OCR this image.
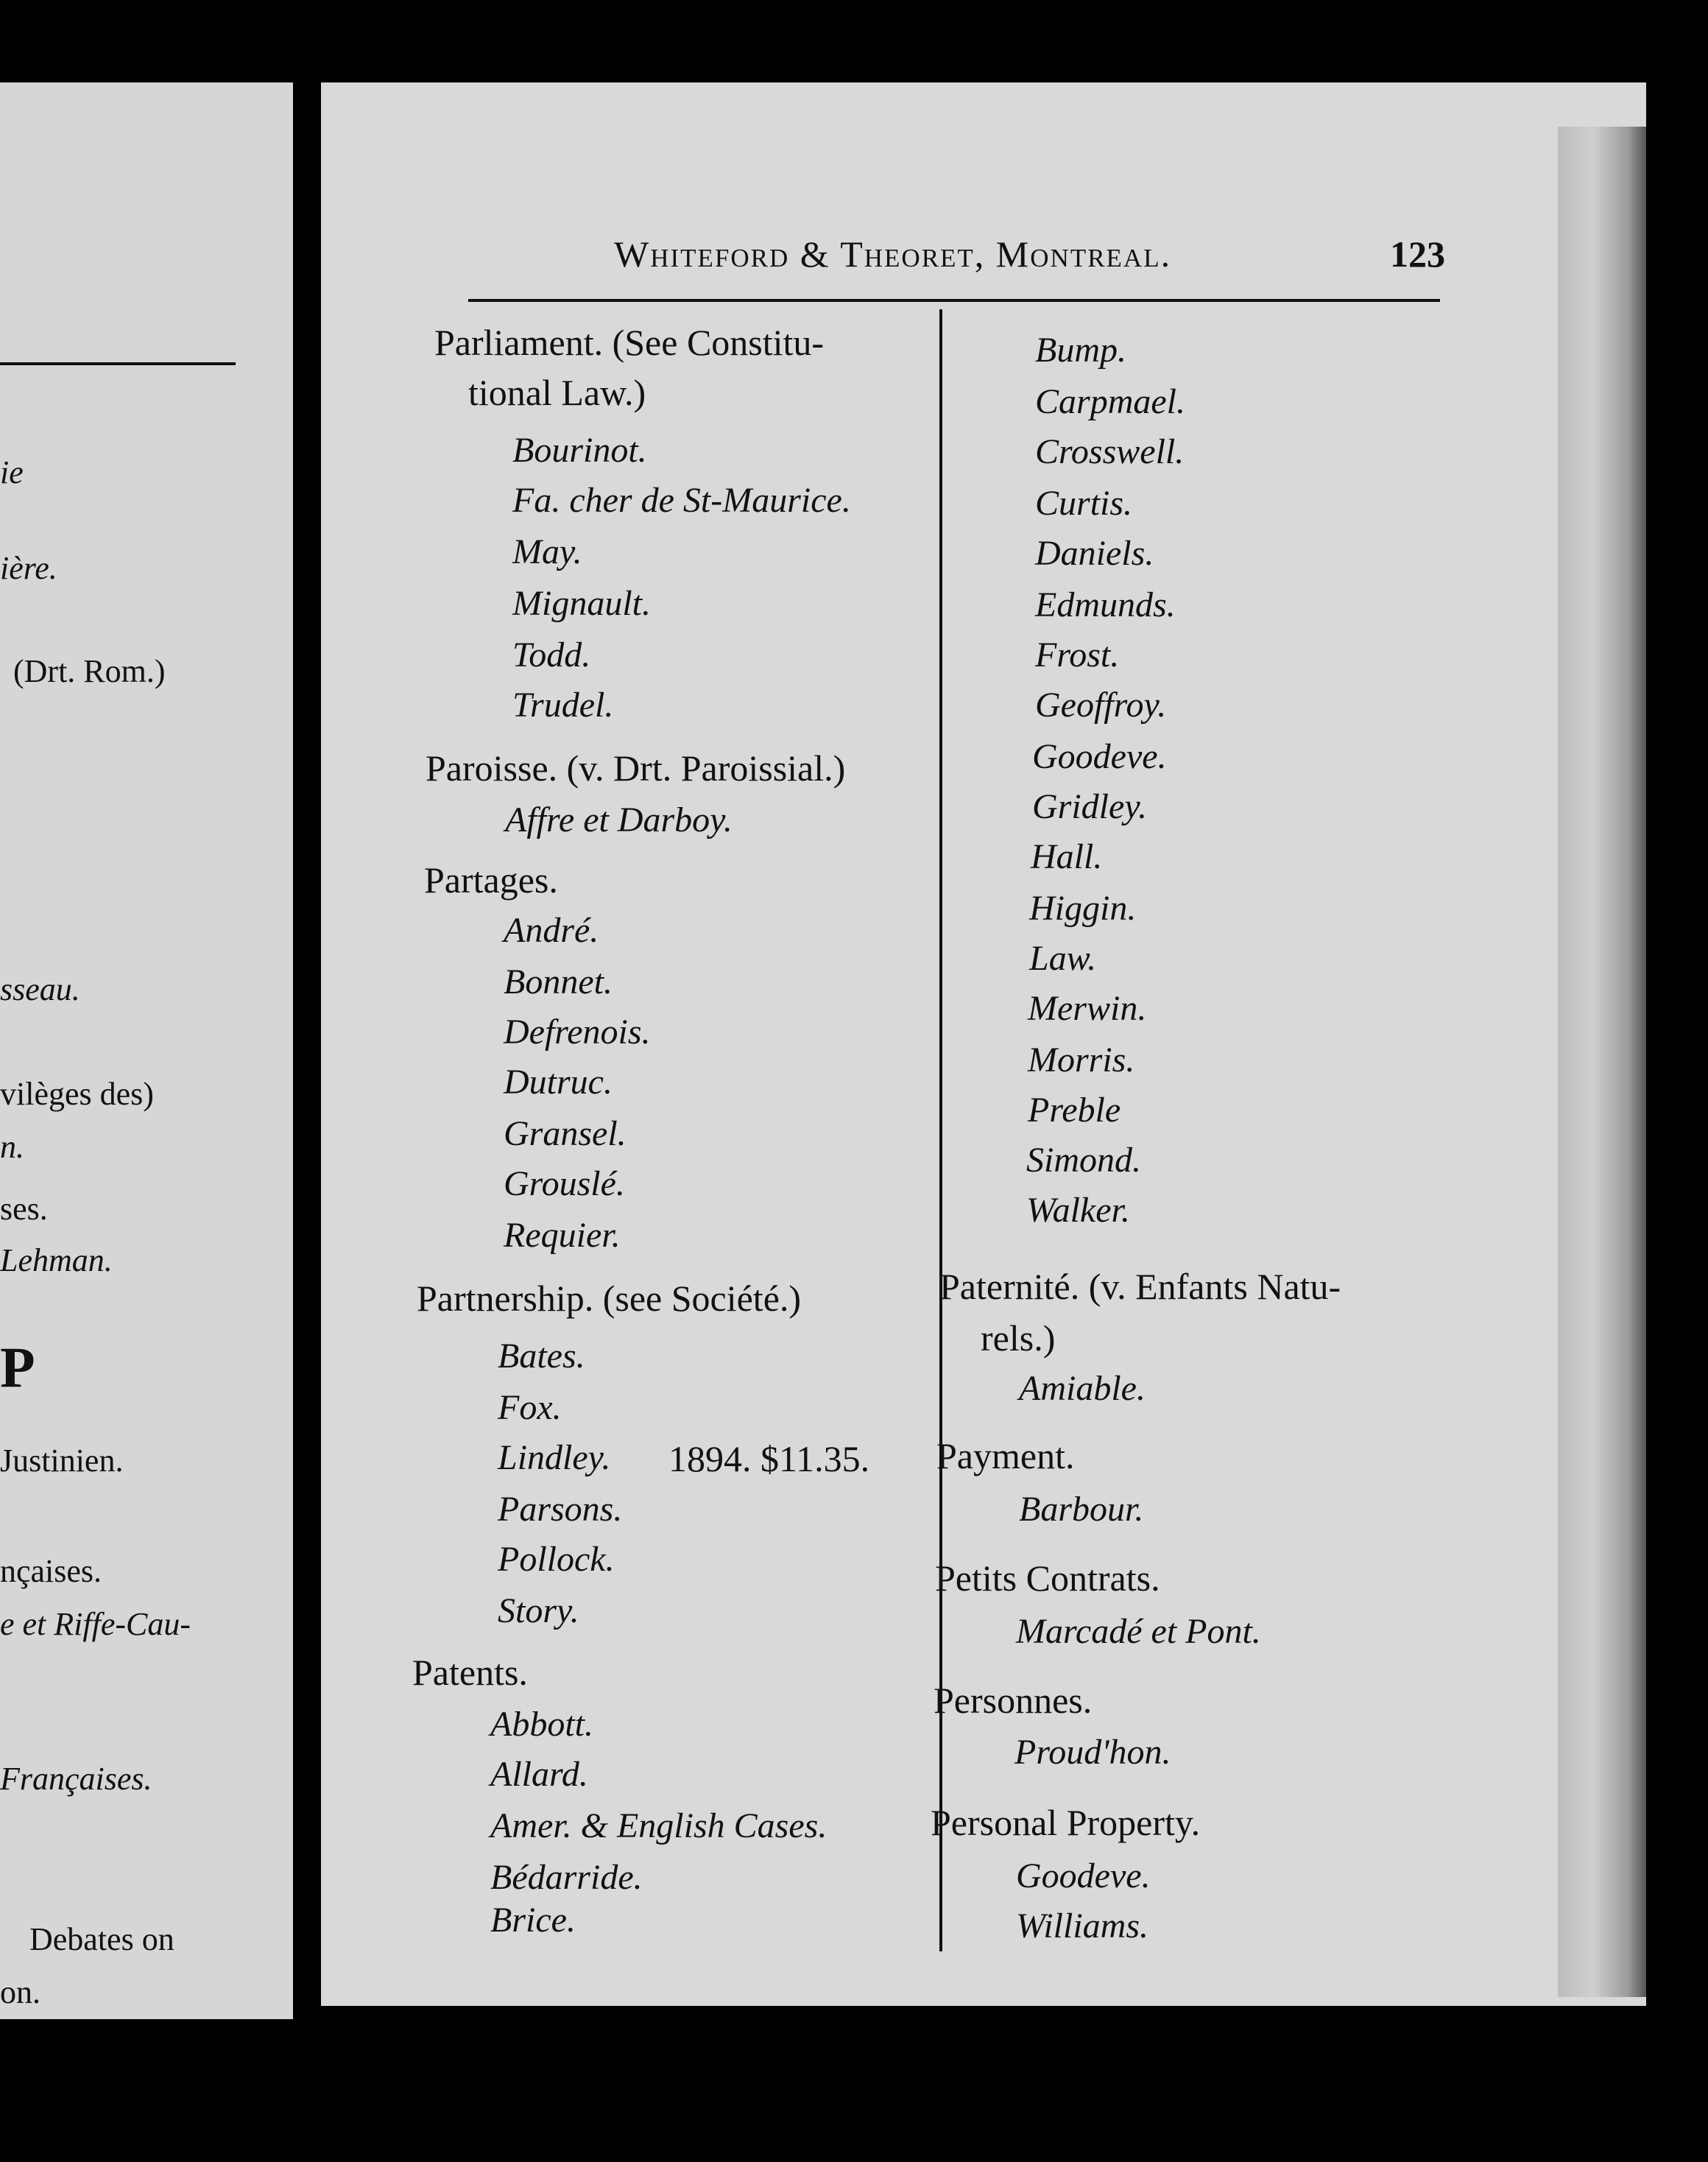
ie
ière.
(Drt. Rom.)
sseau.
vilèges des)
n.
ses.
Lehman.
P
Justinien.
nçaises.
e et Riffe-Cau-
Françaises.
Debates on
on.
Whiteford & Theoret, Montreal.	123
Parliament. (See Constitu-
tional Law.)
Bourinot.
Fa. cher de St-Maurice.
May.
Mignault.
Todd.
Trudel.
Paroisse. (v. Drt. Paroissial.)
Affre et Darboy.
Partages.
André.
Bonnet.
Defrenois.
Dutruc.
Gransel.
Grouslé.
Requier.
Partnership. (see Société.)
Bates.
Fox.
Lindley. 1894. $11.35.
Parsons.
Pollock.
Story.
Patents.
Abbott.
Allard.
Amer. & English Cases.
Bédarride.
Brice.
Bump.
Carpmael.
Crosswell.
Curtis.
Daniels.
Edmunds.
Frost.
Geoffroy.
Goodeve.
Gridley.
Hall.
Higgin.
Law.
Merwin.
Morris.
Preble
Simond.
Walker.
Paternité. (v. Enfants Natu-
rels.)
Amiable.
Payment.
Barbour.
Petits Contrats.
Marcadé et Pont.
Personnes.
Proud'hon.
Personal Property.
Goodeve.
Williams.
